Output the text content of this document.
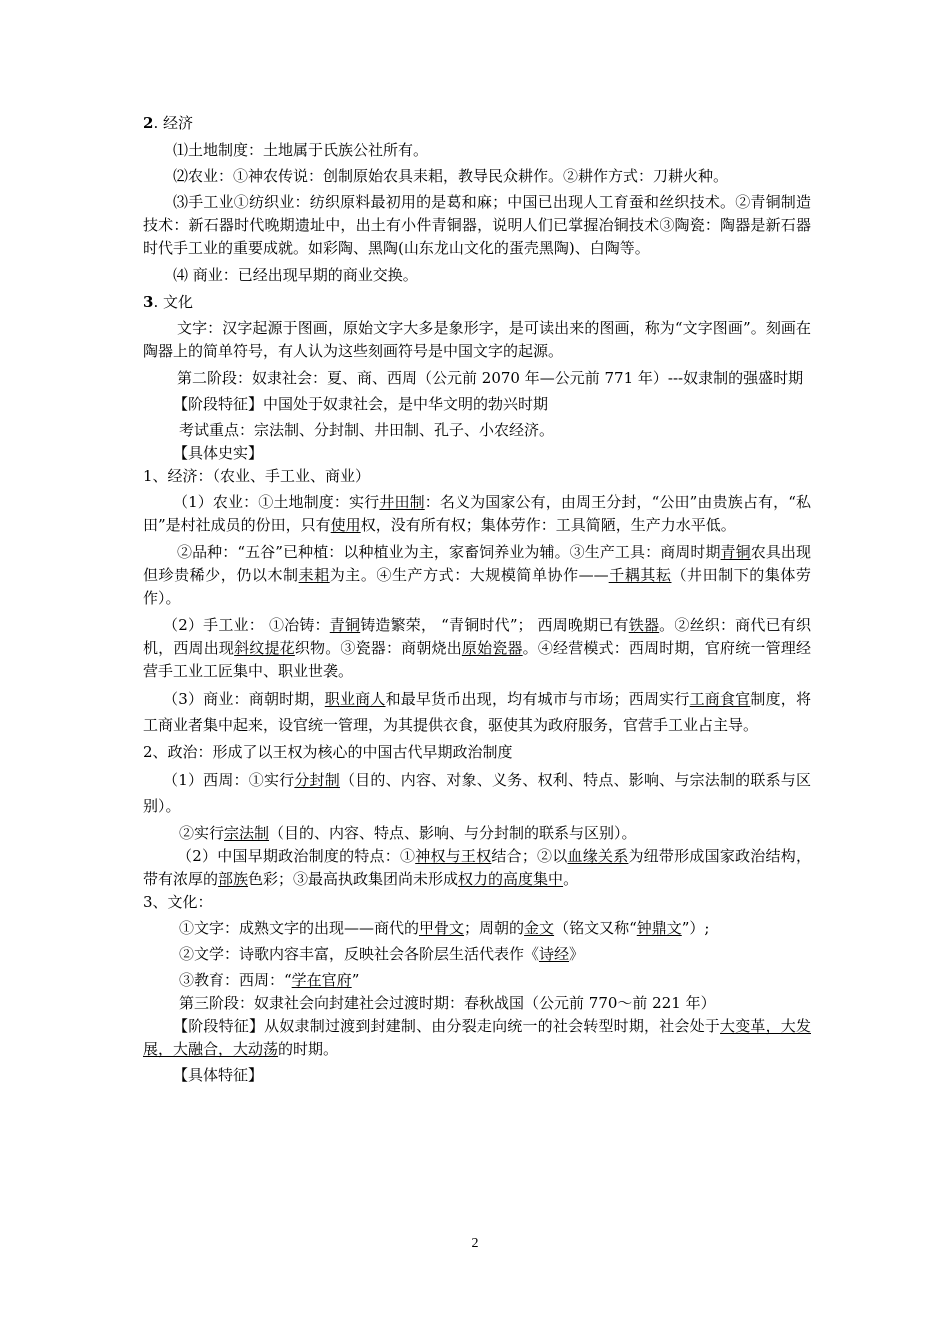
2. 经济
⑴土地制度：土地属于氏族公社所有。
⑵农业：①神农传说：创制原始农具耒耜，教导民众耕作。②耕作方式：刀耕火种。
⑶手工业①纺织业：纺织原料最初用的是葛和麻；中国已出现人工育蚕和丝织技术。②青铜制造技术：新石器时代晚期遗址中，出土有小件青铜器，说明人们已掌握冶铜技术③陶瓷：陶器是新石器时代手工业的重要成就。如彩陶、黑陶(山东龙山文化的蛋壳黑陶)、白陶等。
⑷ 商业：已经出现早期的商业交换。
3. 文化
文字：汉字起源于图画，原始文字大多是象形字，是可读出来的图画，称为“文字图画”。刻画在陶器上的简单符号，有人认为这些刻画符号是中国文字的起源。
第二阶段：奴隶社会：夏、商、西周（公元前 2070 年—公元前 771 年）---奴隶制的强盛时期
【阶段特征】中国处于奴隶社会，是中华文明的勃兴时期
考试重点：宗法制、分封制、井田制、孔子、小农经济。
【具体史实】
1、经济：（农业、手工业、商业）
（1）农业：①土地制度：实行井田制：名义为国家公有，由周王分封，“公田”由贵族占有，“私田”是村社成员的份田，只有使用权，没有所有权；集体劳作：工具简陋，生产力水平低。
②品种：“五谷”已种植：以种植业为主，家畜饲养业为辅。③生产工具：商周时期青铜农具出现但珍贵稀少，仍以木制耒耜为主。④生产方式：大规模简单协作——千耦其耘（井田制下的集体劳作）。
（2）手工业： ①冶铸：青铜铸造繁荣， “青铜时代”； 西周晚期已有铁器。②丝织：商代已有织机，西周出现斜纹提花织物。③瓷器：商朝烧出原始瓷器。④经营模式：西周时期，官府统一管理经营手工业工匠集中、职业世袭。
（3）商业：商朝时期，职业商人和最早货币出现，均有城市与市场；西周实行工商食官制度，将工商业者集中起来，设官统一管理，为其提供衣食，驱使其为政府服务，官营手工业占主导。
2、政治：形成了以王权为核心的中国古代早期政治制度
（1）西周：①实行分封制（目的、内容、对象、义务、权利、特点、影响、与宗法制的联系与区别）。
②实行宗法制（目的、内容、特点、影响、与分封制的联系与区别）。
（2）中国早期政治制度的特点：①神权与王权结合；②以血缘关系为纽带形成国家政治结构，带有浓厚的部族色彩；③最高执政集团尚未形成权力的高度集中。
3、文化：
①文字：成熟文字的出现——商代的甲骨文；周朝的金文（铭文又称“钟鼎文”）;
②文学：诗歌内容丰富，反映社会各阶层生活代表作《诗经》
③教育：西周：“学在官府”
第三阶段：奴隶社会向封建社会过渡时期：春秋战国（公元前 770～前 221 年）
【阶段特征】从奴隶制过渡到封建制、由分裂走向统一的社会转型时期，社会处于大变革，大发展，大融合，大动荡的时期。
【具体特征】
2
